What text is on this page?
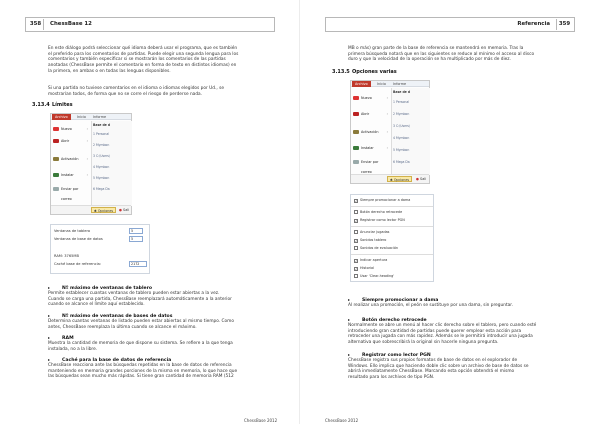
358	ChessBase 12
En este diálogo podrá seleccionar qué idioma deberá usar el programa, que es también
el preferido para los comentarios de partidas. Puede elegir una segunda lengua para los
comentarios y también especificar si se mostrarán los comentarios de las partidas
anotadas (ChessBase permite el comentario en forma de texto en distintos idiomas) en
la primera, en ambas o en todas las lenguas disponibles.
Si una partida no tuviese comentarios en el idioma o idiomas elegidos por Ud., se
mostrarían todos, de forma que no se corre el riesgo de perderse nada.
3.13.4 Límites
Archivo	Inicio Informe
Nuevo	›
Abrir	›
Activación ›
Instalar	›
Enviar por correo
Base de d
1 Personal
2 Mymbon
3 C:\Users\
4 Mymbon
5 Mymbon
6 Mega Da
✱ Opciones	● Sali
Ventanas de tablero	5
Ventanas de base de datos	5
RAM: 3765MB
Caché base de referencia:	2172
▸	Nº máximo de ventanas de tablero
Permite establecer cuantas ventanas de tablero pueden estar abiertas a la vez.
Cuando se carga una partida, ChessBase reemplazará automáticamente a la anterior
cuando se alcance el límite aquí establecido.
▸	Nº máximo de ventanas de bases de datos
Determina cuantas ventanas de listado pueden estar abiertas al mismo tiempo. Como
antes, ChessBase reemplaza la última cuando se alcance el máximo.
▸	RAM
Muestra la cantidad de memoria de que dispone su sistema. Se refiere a la que tenga
instalada, no a la libre.
▸	Caché para la base de datos de referencia
ChessBase reacciona ante las búsquedas repetidas en la base de datos de referencia
manteniendo en memoria grandes porciones de la misma en memoria, lo que hace que
las búsquedas sean mucho más rápidas. Si tiene gran cantidad de memoria RAM (512
ChessBase 2012
Referencia	359
MB o más) gran parte de la base de referencia se mantendrá en memoria. Tras la
primera búsqueda notará que en las siguientes se reduce al mínimo el acceso al disco
duro y que la velocidad de la operación se ha multiplicado por más de diez.
3.13.5 Opciones varias
Archivo	Inicio Informe
Nuevo	›
Abrir	›
Activación ›
Instalar	›
Enviar por correo
Base de d
1 Personal
2 Mymbon
3 C:\Users\
4 Mymbon
5 Mymbon
6 Mega Da
✱ Opciones	● Sali
✓ Siempre promocionar a dama
Botón derecho retrocede
✓ Registrar como lector PGN
Anunciar jugadas
✓ Sonidos tablero
Sonidos de evaluación
✓ Indicar apertura
✓ Historial
Usar 'Clear-heading'
▸	Siempre promocionar a dama
Al realizar una promoción, el peón se sustituye por una dama, sin preguntar.
▸	Botón derecho retrocede
Normalmente se abre un menú al hacer clic derecho sobre el tablero, pero cuando esté
introduciendo gran cantidad de partidas puede querer emplear esta acción para
retroceder una jugada con más rapidez. Además se le permitirá introducir una jugada
alternativa que sobrescribirá la original sin hacerle ninguna pregunta.
▸	Registrar como lector PGN
ChessBase registra sus propios formatos de base de datos en el explorador de
Windows. Ello implica que haciendo doble clic sobre un archivo de base de datos se
abrirá inmediatamente ChessBase. Marcando esta opción obtendrá el mismo
resultado para los archivos de tipo PGN.
ChessBase 2012
